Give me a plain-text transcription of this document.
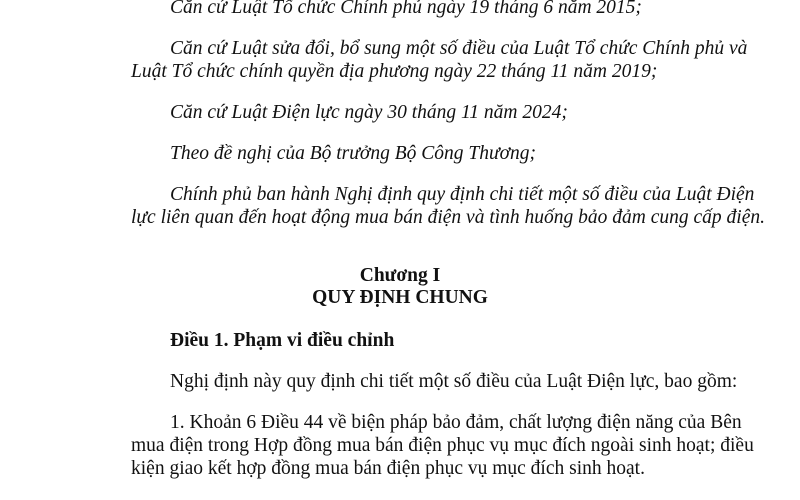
Căn cứ Luật Tổ chức Chính phủ ngày 19 tháng 6 năm 2015;
Căn cứ Luật sửa đổi, bổ sung một số điều của Luật Tổ chức Chính phủ và
Luật Tổ chức chính quyền địa phương ngày 22 tháng 11 năm 2019;
Căn cứ Luật Điện lực ngày 30 tháng 11 năm 2024;
Theo đề nghị của Bộ trưởng Bộ Công Thương;
Chính phủ ban hành Nghị định quy định chi tiết một số điều của Luật Điện
lực liên quan đến hoạt động mua bán điện và tình huống bảo đảm cung cấp điện.
Chương I
QUY ĐỊNH CHUNG
Điều 1. Phạm vi điều chỉnh
Nghị định này quy định chi tiết một số điều của Luật Điện lực, bao gồm:
1. Khoản 6 Điều 44 về biện pháp bảo đảm, chất lượng điện năng của Bên
mua điện trong Hợp đồng mua bán điện phục vụ mục đích ngoài sinh hoạt; điều
kiện giao kết hợp đồng mua bán điện phục vụ mục đích sinh hoạt.
